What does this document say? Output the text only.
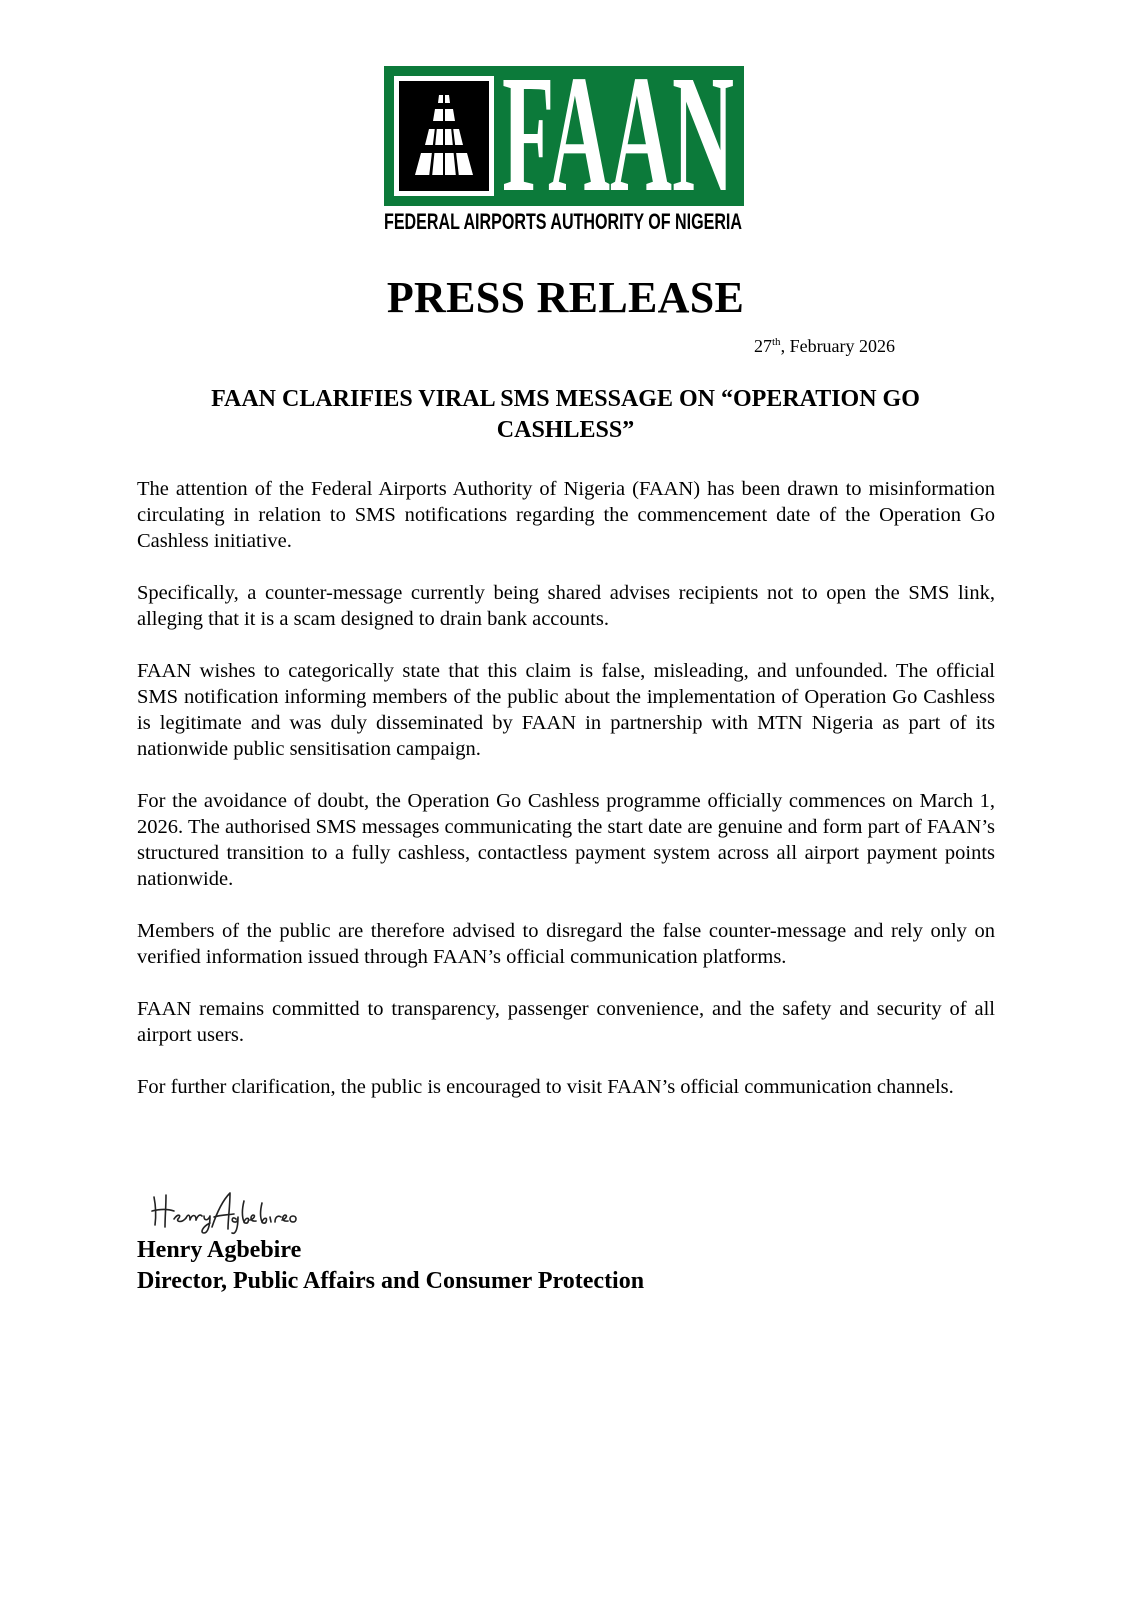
FAAN
FEDERAL AIRPORTS AUTHORITY OF NIGERIA
PRESS RELEASE
27th, February 2026
FAAN CLARIFIES VIRAL SMS MESSAGE ON “OPERATION GO CASHLESS”

The attention of the Federal Airports Authority of Nigeria (FAAN) has been drawn to misinformation circulating in relation to SMS notifications regarding the commencement date of the Operation Go Cashless initiative.

Specifically, a counter-message currently being shared advises recipients not to open the SMS link, alleging that it is a scam designed to drain bank accounts.

FAAN wishes to categorically state that this claim is false, misleading, and unfounded. The official SMS notification informing members of the public about the implementation of Operation Go Cashless is legitimate and was duly disseminated by FAAN in partnership with MTN Nigeria as part of its nationwide public sensitisation campaign.

For the avoidance of doubt, the Operation Go Cashless programme officially commences on March 1, 2026. The authorised SMS messages communicating the start date are genuine and form part of FAAN’s structured transition to a fully cashless, contactless payment system across all airport payment points nationwide.

Members of the public are therefore advised to disregard the false counter-message and rely only on verified information issued through FAAN’s official communication platforms.

FAAN remains committed to transparency, passenger convenience, and the safety and security of all airport users.

For further clarification, the public is encouraged to visit FAAN’s official communication channels.

Henry Agbebire
Director, Public Affairs and Consumer Protection
